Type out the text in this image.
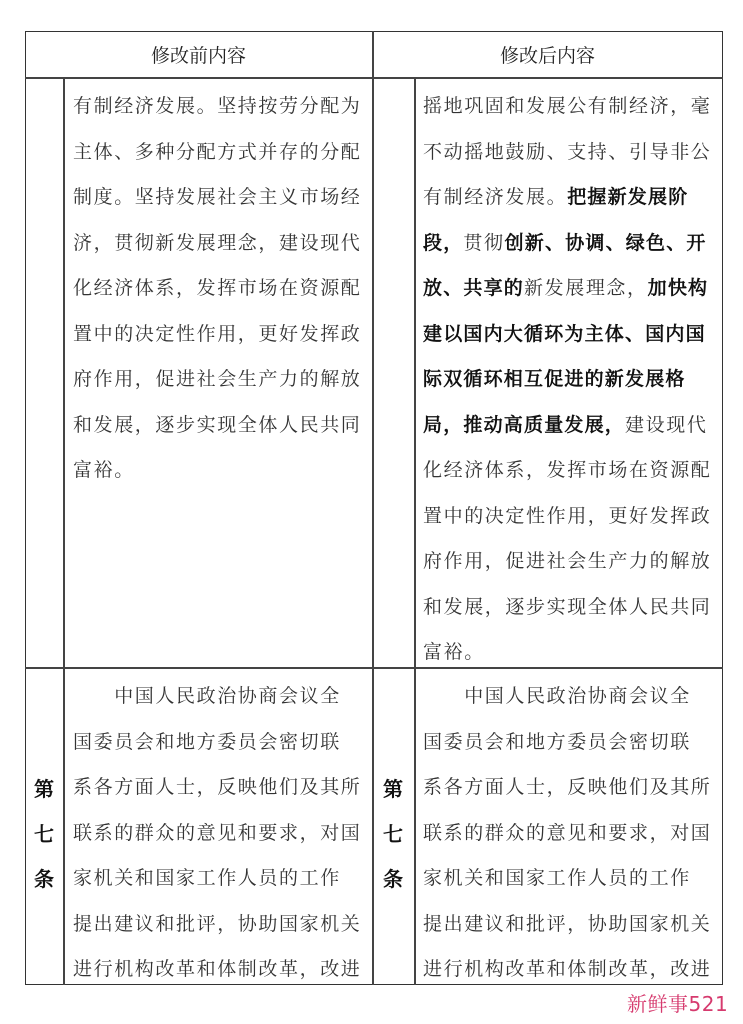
修改前内容	修改后内容
有制经济发展。坚持按劳分配为
主体、多种分配方式并存的分配
制度。坚持发展社会主义市场经
济，贯彻新发展理念，建设现代
化经济体系，发挥市场在资源配
置中的决定性作用，更好发挥政
府作用，促进社会生产力的解放
和发展，逐步实现全体人民共同
富裕。
摇地巩固和发展公有制经济，毫
不动摇地鼓励、支持、引导非公
有制经济发展。把握新发展阶
段，贯彻创新、协调、绿色、开
放、共享的新发展理念，加快构
建以国内大循环为主体、国内国
际双循环相互促进的新发展格
局，推动高质量发展，建设现代
化经济体系，发挥市场在资源配
置中的决定性作用，更好发挥政
府作用，促进社会生产力的解放
和发展，逐步实现全体人民共同
富裕。
第
七
条
第
七
条
　　中国人民政治协商会议全
国委员会和地方委员会密切联
系各方面人士，反映他们及其所
联系的群众的意见和要求，对国
家机关和国家工作人员的工作
提出建议和批评，协助国家机关
进行机构改革和体制改革，改进
　　中国人民政治协商会议全
国委员会和地方委员会密切联
系各方面人士，反映他们及其所
联系的群众的意见和要求，对国
家机关和国家工作人员的工作
提出建议和批评，协助国家机关
进行机构改革和体制改革，改进
新鲜事521
